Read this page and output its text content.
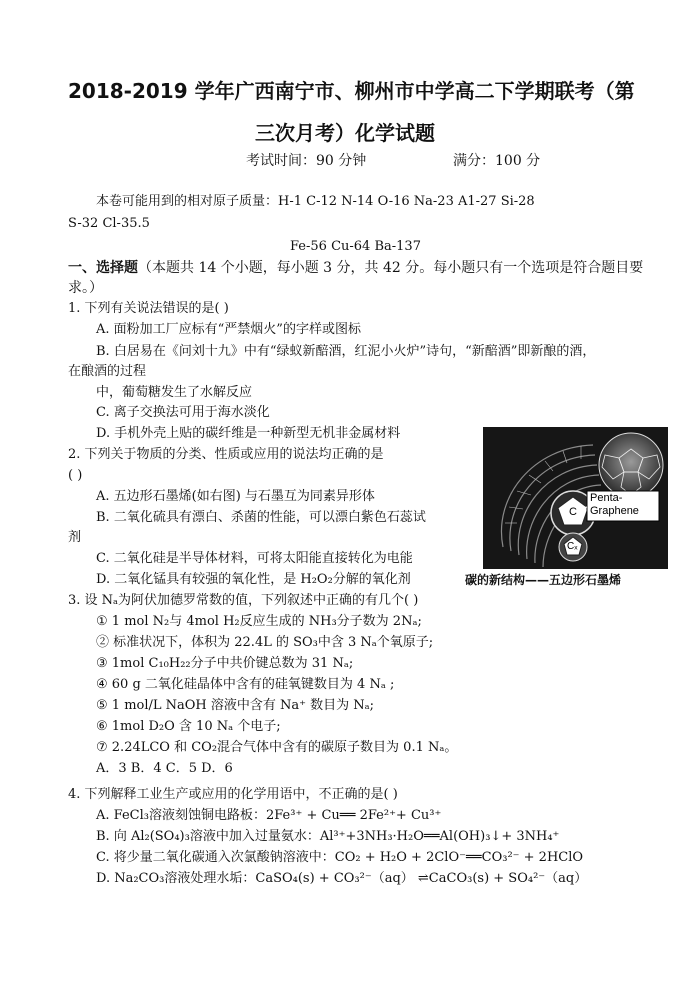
2018-2019 学年广西南宁市、柳州市中学高二下学期联考（第
三次月考）化学试题
考试时间：90 分钟	满分：100 分
本卷可能用到的相对原子质量：H-1 C-12 N-14 O-16 Na-23 A1-27 Si-28
S-32 Cl-35.5
Fe-56 Cu-64 Ba-137
一、选择题（本题共 14 个小题，每小题 3 分，共 42 分。每小题只有一个选项是符合题目要
求。）
1. 下列有关说法错误的是( )
A. 面粉加工厂应标有“严禁烟火”的字样或图标
B. 白居易在《问刘十九》中有“绿蚁新醅酒，红泥小火炉”诗句，“新醅酒”即新酿的酒，
在酿酒的过程
中，葡萄糖发生了水解反应
C. 离子交换法可用于海水淡化
D. 手机外壳上贴的碳纤维是一种新型无机非金属材料
2. 下列关于物质的分类、性质或应用的说法均正确的是
( )
A. 五边形石墨烯(如右图) 与石墨互为同素异形体
B. 二氧化硫具有漂白、杀菌的性能，可以漂白紫色石蕊试
剂
C. 二氧化硅是半导体材料，可将太阳能直接转化为电能
D. 二氧化锰具有较强的氧化性，是 H₂O₂分解的氧化剂
Penta-
Graphene
C
Cₓ
碳的新结构——五边形石墨烯
3. 设 Nₐ为阿伏加德罗常数的值，下列叙述中正确的有几个( )
① 1 mol N₂与 4mol H₂反应生成的 NH₃分子数为 2Nₐ;
② 标准状况下，体积为 22.4L 的 SO₃中含 3 Nₐ个氧原子;
③ 1mol C₁₀H₂₂分子中共价键总数为 31 Nₐ;
④ 60 g 二氧化硅晶体中含有的硅氧键数目为 4 Nₐ ;
⑤ 1 mol/L NaOH 溶液中含有 Na⁺ 数目为 Nₐ;
⑥ 1mol D₂O 含 10 Nₐ 个电子;
⑦ 2.24LCO 和 CO₂混合气体中含有的碳原子数目为 0.1 Nₐ。
A．3 B．4 C．5 D．6
4. 下列解释工业生产或应用的化学用语中，不正确的是( )
A. FeCl₃溶液刻蚀铜电路板：2Fe³⁺ + Cu══ 2Fe²⁺+ Cu³⁺
B. 向 Al₂(SO₄)₃溶液中加入过量氨水：Al³⁺+3NH₃·H₂O══Al(OH)₃↓+ 3NH₄⁺
C. 将少量二氧化碳通入次氯酸钠溶液中：CO₂ + H₂O + 2ClO⁻══CO₃²⁻ + 2HClO
D. Na₂CO₃溶液处理水垢：CaSO₄(s) + CO₃²⁻（aq） ⇌CaCO₃(s) + SO₄²⁻（aq）
